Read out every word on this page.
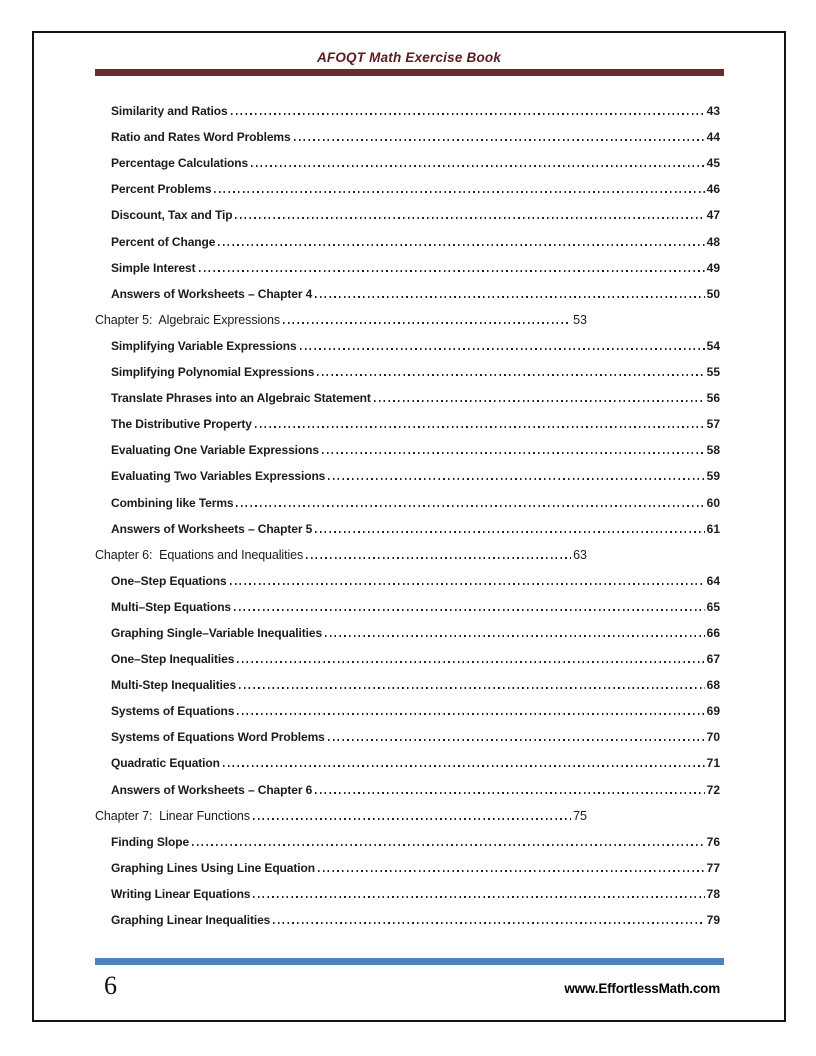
AFOQT Math Exercise Book
Similarity and Ratios	43
Ratio and Rates Word Problems	44
Percentage Calculations	45
Percent Problems	46
Discount, Tax and Tip	47
Percent of Change	48
Simple Interest	49
Answers of Worksheets – Chapter 4	50
Chapter 5:  Algebraic Expressions	53
Simplifying Variable Expressions	54
Simplifying Polynomial Expressions	55
Translate Phrases into an Algebraic Statement	56
The Distributive Property	57
Evaluating One Variable Expressions	58
Evaluating Two Variables Expressions	59
Combining like Terms	60
Answers of Worksheets – Chapter 5	61
Chapter 6:  Equations and Inequalities	63
One–Step Equations	64
Multi–Step Equations	65
Graphing Single–Variable Inequalities	66
One–Step Inequalities	67
Multi-Step Inequalities	68
Systems of Equations	69
Systems of Equations Word Problems	70
Quadratic Equation	71
Answers of Worksheets – Chapter 6	72
Chapter 7:  Linear Functions	75
Finding Slope	76
Graphing Lines Using Line Equation	77
Writing Linear Equations	78
Graphing Linear Inequalities	79
6	www.EffortlessMath.com
